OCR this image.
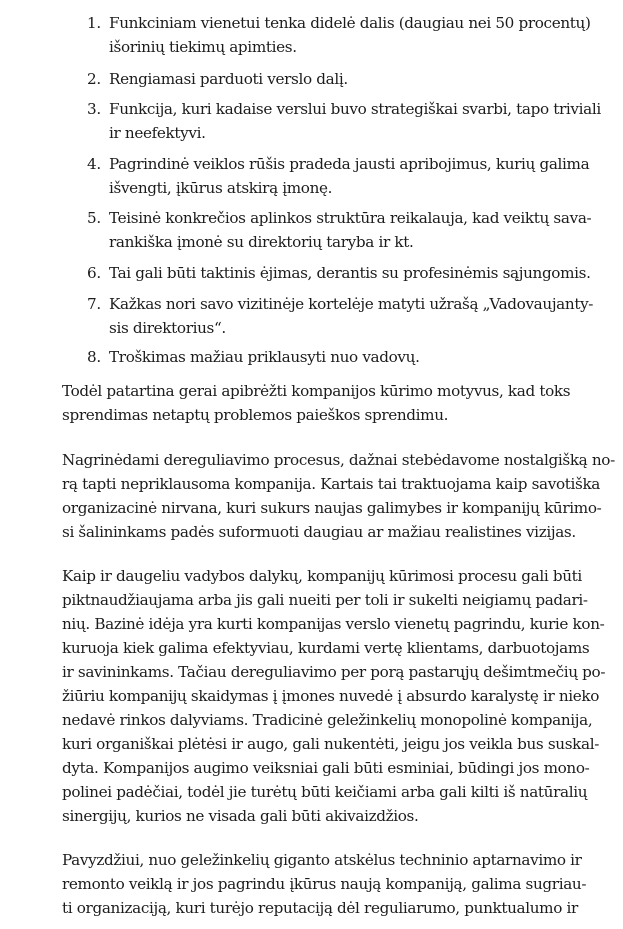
1. Funkciniam vienetui tenka didelė dalis (daugiau nei 50 procentų)
išorinių tiekimų apimties.
2. Rengiamasi parduoti verslo dalį.
3. Funkcija, kuri kadaise verslui buvo strategiškai svarbi, tapo triviali
ir neefektyvi.
4. Pagrindinė veiklos rūšis pradeda jausti apribojimus, kurių galima
išvengti, įkūrus atskirą įmonę.
5. Teisinė konkrečios aplinkos struktūra reikalauja, kad veiktų sava-
rankiška įmonė su direktorių taryba ir kt.
6. Tai gali būti taktinis ėjimas, derantis su profesinėmis sąjungomis.
7. Kažkas nori savo vizitinėje kortelėje matyti užrašą „Vadovaujanty-
sis direktorius“.
8. Troškimas mažiau priklausyti nuo vadovų.
Todėl patartina gerai apibrėžti kompanijos kūrimo motyvus, kad toks
sprendimas netaptų problemos paieškos sprendimu.
Nagrinėdami dereguliavimo procesus, dažnai stebėdavome nostalgišką no-
rą tapti nepriklausoma kompanija. Kartais tai traktuojama kaip savotiška
organizacinė nirvana, kuri sukurs naujas galimybes ir kompanijų kūrimo-
si šalininkams padės suformuoti daugiau ar mažiau realistines vizijas.
Kaip ir daugeliu vadybos dalykų, kompanijų kūrimosi procesu gali būti
piktnaudžiaujama arba jis gali nueiti per toli ir sukelti neigiamų padari-
nių. Bazinė idėja yra kurti kompanijas verslo vienetų pagrindu, kurie kon-
kuruoja kiek galima efektyviau, kurdami vertę klientams, darbuotojams
ir savininkams. Tačiau dereguliavimo per porą pastarųjų dešimtmečių po-
žiūriu kompanijų skaidymas į įmones nuvedė į absurdo karalystę ir nieko
nedavė rinkos dalyviams. Tradicinė geležinkelių monopolinė kompanija,
kuri organiškai plėtėsi ir augo, gali nukentėti, jeigu jos veikla bus suskal-
dyta. Kompanijos augimo veiksniai gali būti esminiai, būdingi jos mono-
polinei padėčiai, todėl jie turėtų būti keičiami arba gali kilti iš natūralių
sinergijų, kurios ne visada gali būti akivaizdžios.
Pavyzdžiui, nuo geležinkelių giganto atskėlus techninio aptarnavimo ir
remonto veiklą ir jos pagrindu įkūrus naują kompaniją, galima sugriau-
ti organizaciją, kuri turėjo reputaciją dėl reguliarumo, punktualumo ir
